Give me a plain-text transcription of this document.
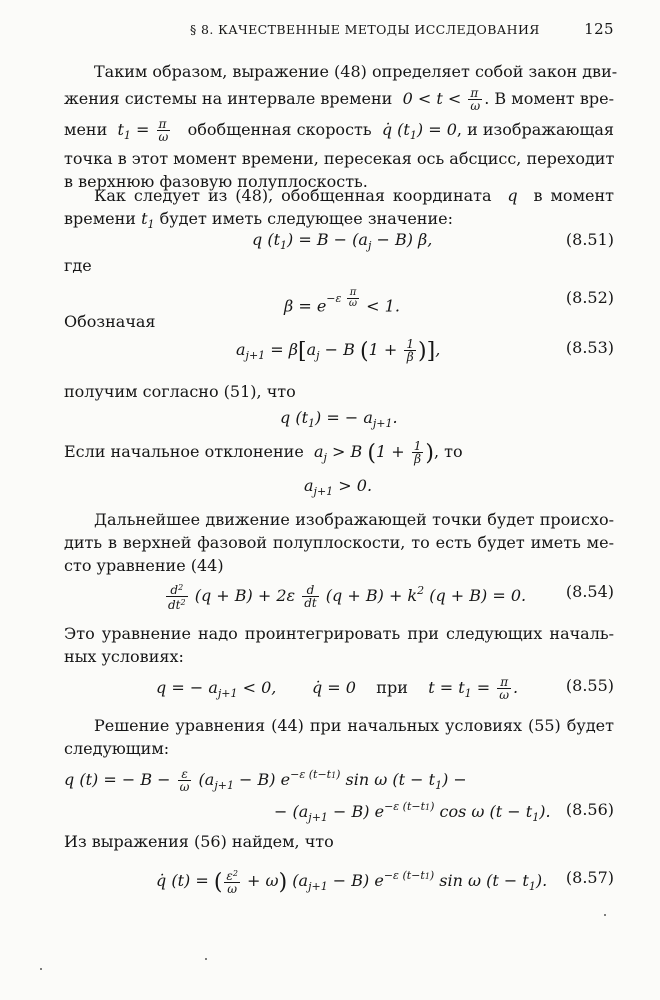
§ 8. КАЧЕСТВЕННЫЕ МЕТОДЫ ИССЛЕДОВАНИЯ	125
Таким образом, выражение (48) определяет собой закон дви-
жения системы на интервале времени $0 < t < \frac{\pi}{\omega}$ . В момент вре-
мени $t_1 = \frac{\pi}{\omega}$ обобщенная скорость q̇ $(t_1) = 0$, и изображающая
точка в этот момент времени, пересекая ось абсцисс, переходит
в верхнюю фазовую полуплоскость.
Как следует из (48), обобщенная координата q в момент
времени $t_1$ будет иметь следующее значение:
q $(t_1) = B - (a_j - B)$ β,	(8.51)
где
$\beta = e^{-\varepsilon \frac{\pi}{\omega}} < 1$.	(8.52)
Обозначая
$a_{j+1} = \beta[a_j - B$ ($1 + \frac{1}{\beta}$ )],	(8.53)
получим согласно (51), что
q $(t_1)$ = − $a_{j+1}$.
Если начальное отклонение $a_j > B$ ($1 + \frac{1}{\beta}$ ), то
$a_{j+1} > 0$.
Дальнейшее движение изображающей точки будет происхо-
дить в верхней фазовой полуплоскости, то есть будет иметь ме-
сто уравнение (44)
$\frac{d^2}{dt^2} (q + B) + 2\varepsilon \frac{d}{dt} (q + B) + k^2$ (q + B) = 0. (8.54)
Это уравнение надо проинтегрировать при следующих началь-
ных условиях:
q = − $a_{j+1} < 0$,       q̇ = 0    при    $t = t_1 = \frac{\pi}{\omega}$ .	(8.55)
Решение уравнения (44) при начальных условиях (55) будет
следующим:
q (t) = − $B - \frac{\varepsilon}{\omega} (a_{j+1} - B)$ $e^{-\varepsilon (t-t1)}$ sin ω $(t - t_1)$ −
− $(a_{j+1} - B)$ $e^{-\varepsilon (t-t1)}$ cos ω $(t - t_1)$. (8.56)
Из выражения (56) найдем, что
q̇ (t) = ( $\frac{\varepsilon^2}{\omega} + \omega$) $(a_{j+1} - B)$ $e^{-\varepsilon (t-t1)}$ sin ω $(t - t_1)$. (8.57)
